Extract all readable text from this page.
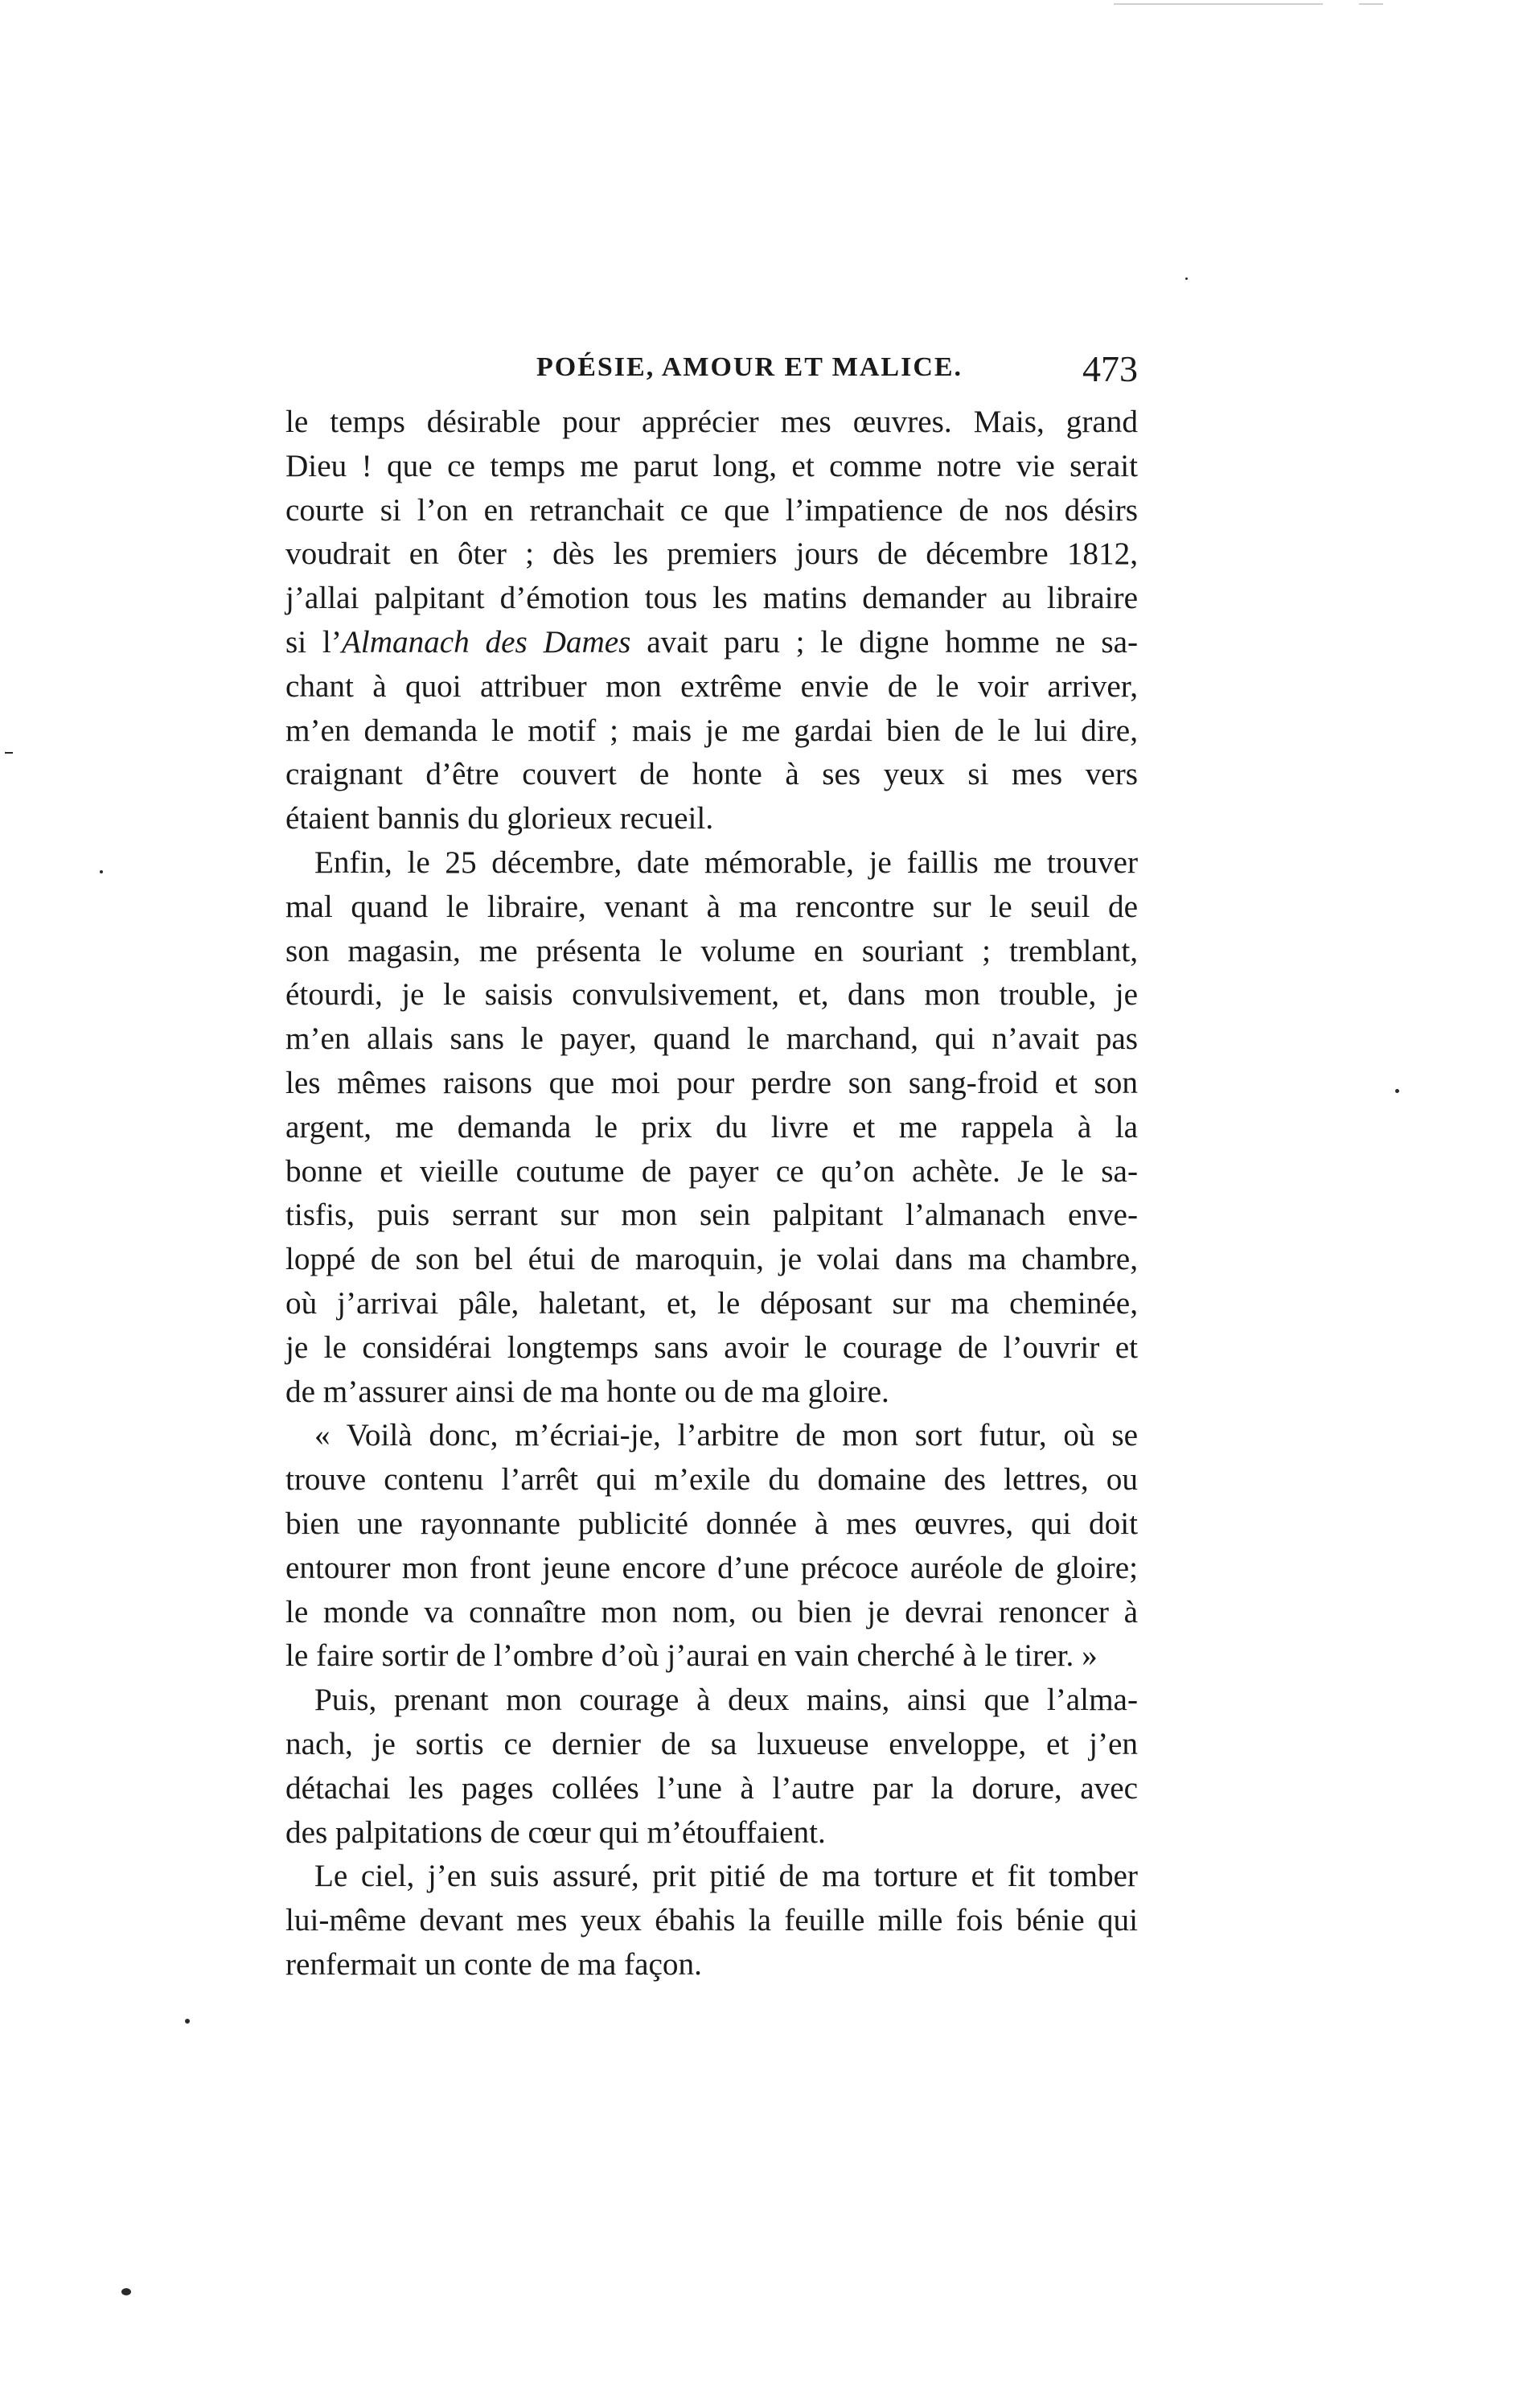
POÉSIE, AMOUR ET MALICE.	473

le temps désirable pour apprécier mes œuvres. Mais, grand
Dieu ! que ce temps me parut long, et comme notre vie serait
courte si l’on en retranchait ce que l’impatience de nos désirs
voudrait en ôter ; dès les premiers jours de décembre 1812,
j’allai palpitant d’émotion tous les matins demander au libraire
si l’Almanach des Dames avait paru ; le digne homme ne sa-
chant à quoi attribuer mon extrême envie de le voir arriver,
m’en demanda le motif ; mais je me gardai bien de le lui dire,
craignant d’être couvert de honte à ses yeux si mes vers
étaient bannis du glorieux recueil.

Enfin, le 25 décembre, date mémorable, je faillis me trouver
mal quand le libraire, venant à ma rencontre sur le seuil de
son magasin, me présenta le volume en souriant ; tremblant,
étourdi, je le saisis convulsivement, et, dans mon trouble, je
m’en allais sans le payer, quand le marchand, qui n’avait pas
les mêmes raisons que moi pour perdre son sang-froid et son
argent, me demanda le prix du livre et me rappela à la
bonne et vieille coutume de payer ce qu’on achète. Je le sa-
tisfis, puis serrant sur mon sein palpitant l’almanach enve-
loppé de son bel étui de maroquin, je volai dans ma chambre,
où j’arrivai pâle, haletant, et, le déposant sur ma cheminée,
je le considérai longtemps sans avoir le courage de l’ouvrir et
de m’assurer ainsi de ma honte ou de ma gloire.

« Voilà donc, m’écriai-je, l’arbitre de mon sort futur, où se
trouve contenu l’arrêt qui m’exile du domaine des lettres, ou
bien une rayonnante publicité donnée à mes œuvres, qui doit
entourer mon front jeune encore d’une précoce auréole de gloire;
le monde va connaître mon nom, ou bien je devrai renoncer à
le faire sortir de l’ombre d’où j’aurai en vain cherché à le tirer. »

Puis, prenant mon courage à deux mains, ainsi que l’alma-
nach, je sortis ce dernier de sa luxueuse enveloppe, et j’en
détachai les pages collées l’une à l’autre par la dorure, avec
des palpitations de cœur qui m’étouffaient.

Le ciel, j’en suis assuré, prit pitié de ma torture et fit tomber
lui-même devant mes yeux ébahis la feuille mille fois bénie qui
renfermait un conte de ma façon.
